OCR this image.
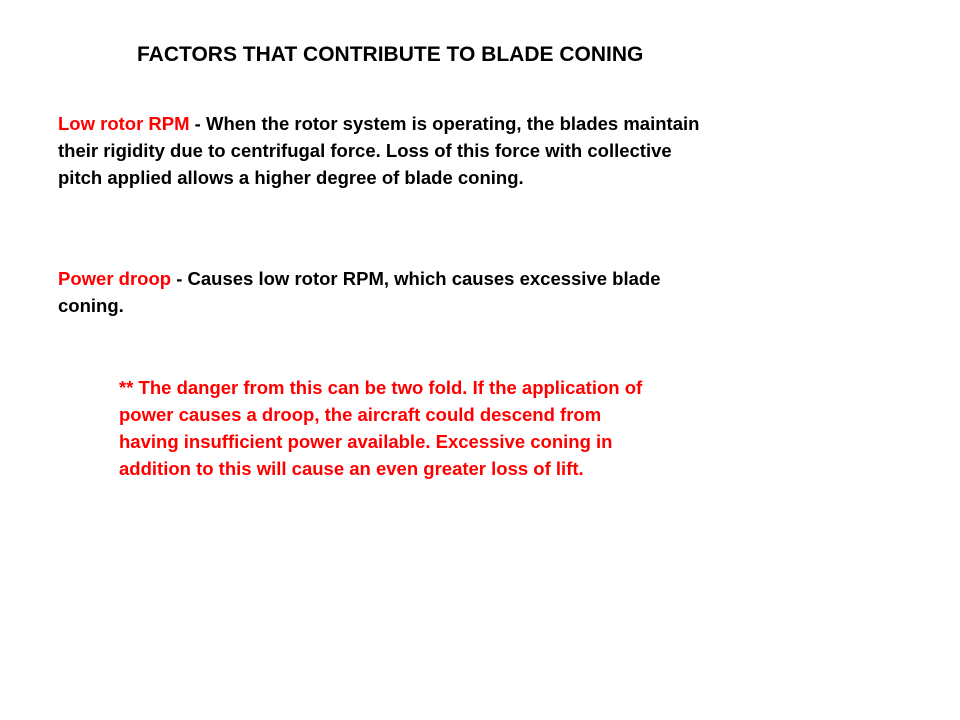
FACTORS THAT CONTRIBUTE TO BLADE CONING
Low rotor RPM - When the rotor system is operating, the blades maintain
their rigidity due to centrifugal force. Loss of this force with collective
pitch applied allows a higher degree of blade coning.
Power droop - Causes low rotor RPM, which causes excessive blade
coning.
** The danger from this can be two fold. If the application of
power causes a droop, the aircraft could descend from
having insufficient power available. Excessive coning in
addition to this will cause an even greater loss of lift.
